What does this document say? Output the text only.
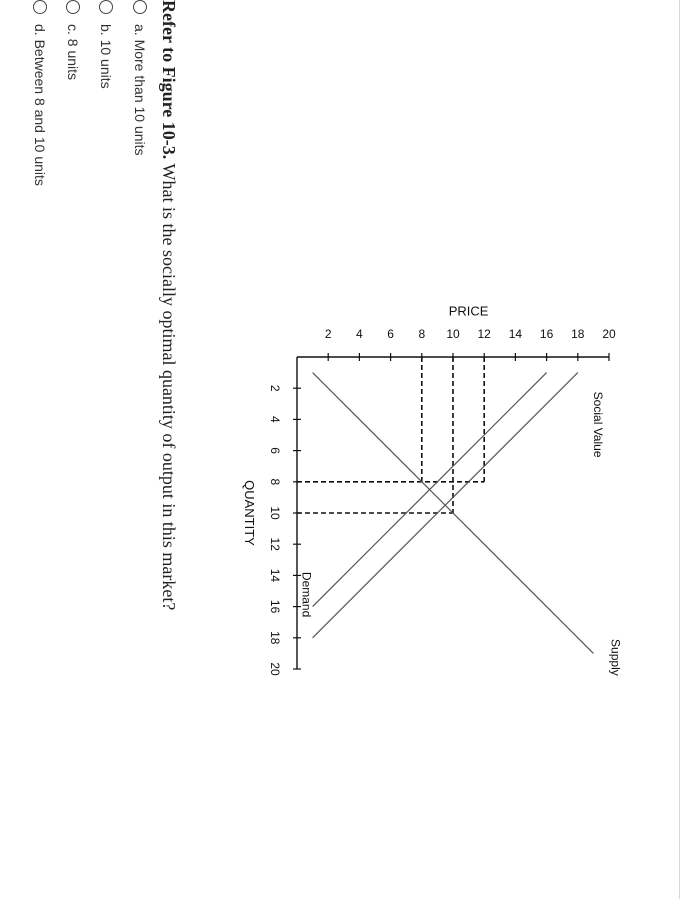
2
4
6
8
10
12
14
16
18
20
2 4 6 8 10 12 14 16 18 20
QUANTITY
PRICE
Supply
Social Value
Demand
Refer to Figure 10-3. What is the socially optimal quantity of output in this market?
a. More than 10 units
b. 10 units
c. 8 units
d. Between 8 and 10 units
